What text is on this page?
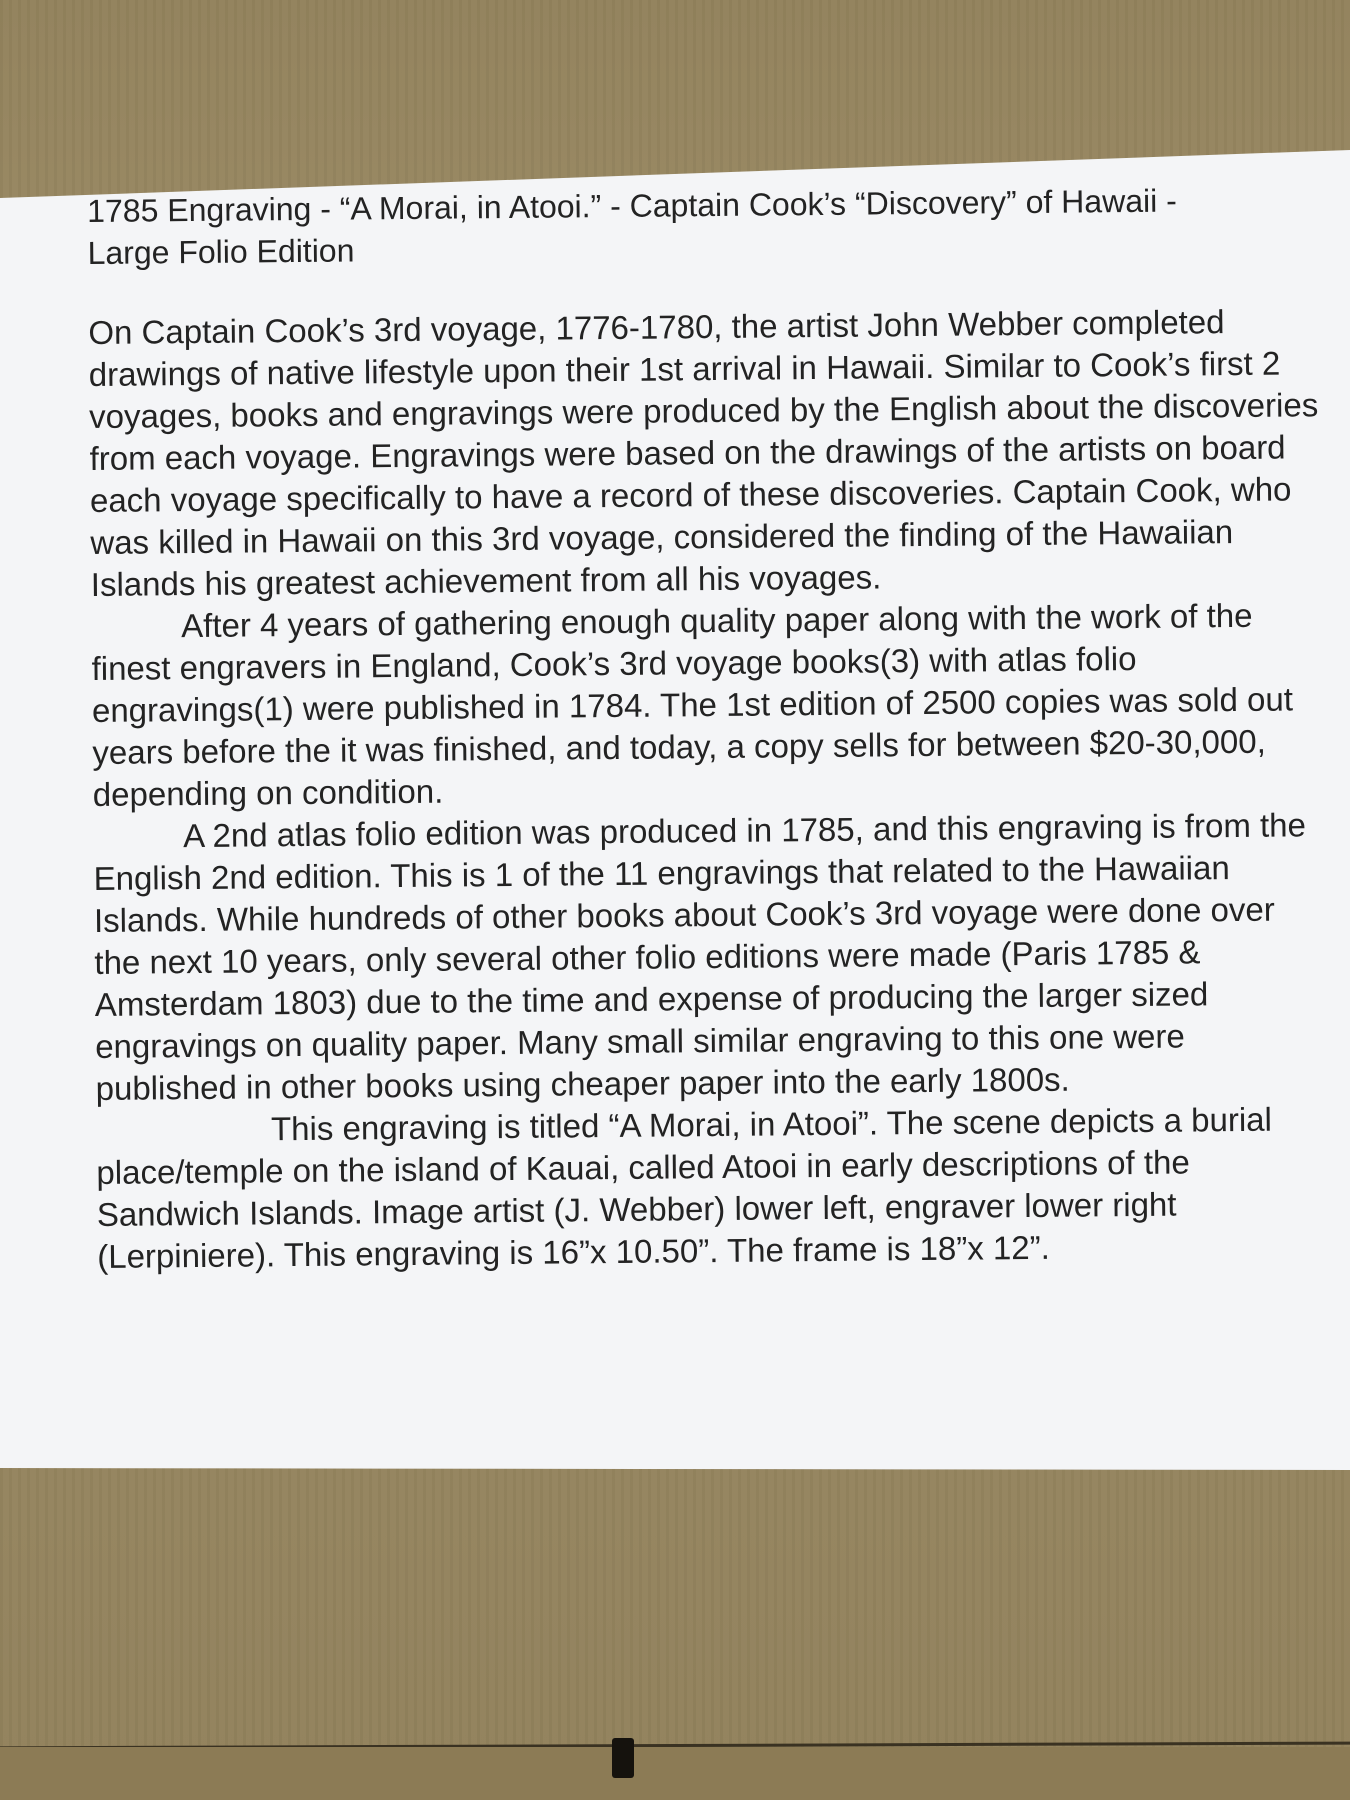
1785 Engraving - “A Morai, in Atooi.” - Captain Cook’s “Discovery” of Hawaii - Large Folio Edition

On Captain Cook’s 3rd voyage, 1776-1780, the artist John Webber completed drawings of native lifestyle upon their 1st arrival in Hawaii. Similar to Cook’s first 2 voyages, books and engravings were produced by the English about the discoveries from each voyage. Engravings were based on the drawings of the artists on board each voyage specifically to have a record of these discoveries. Captain Cook, who was killed in Hawaii on this 3rd voyage, considered the finding of the Hawaiian Islands his greatest achievement from all his voyages.

After 4 years of gathering enough quality paper along with the work of the finest engravers in England, Cook’s 3rd voyage books(3) with atlas folio engravings(1) were published in 1784. The 1st edition of 2500 copies was sold out years before the it was finished, and today, a copy sells for between $20-30,000, depending on condition.

A 2nd atlas folio edition was produced in 1785, and this engraving is from the English 2nd edition. This is 1 of the 11 engravings that related to the Hawaiian Islands. While hundreds of other books about Cook’s 3rd voyage were done over the next 10 years, only several other folio editions were made (Paris 1785 & Amsterdam 1803) due to the time and expense of producing the larger sized engravings on quality paper. Many small similar engraving to this one were published in other books using cheaper paper into the early 1800s.

This engraving is titled “A Morai, in Atooi”. The scene depicts a burial place/temple on the island of Kauai, called Atooi in early descriptions of the Sandwich Islands. Image artist (J. Webber) lower left, engraver lower right (Lerpiniere). This engraving is 16”x 10.50”. The frame is 18”x 12”.
